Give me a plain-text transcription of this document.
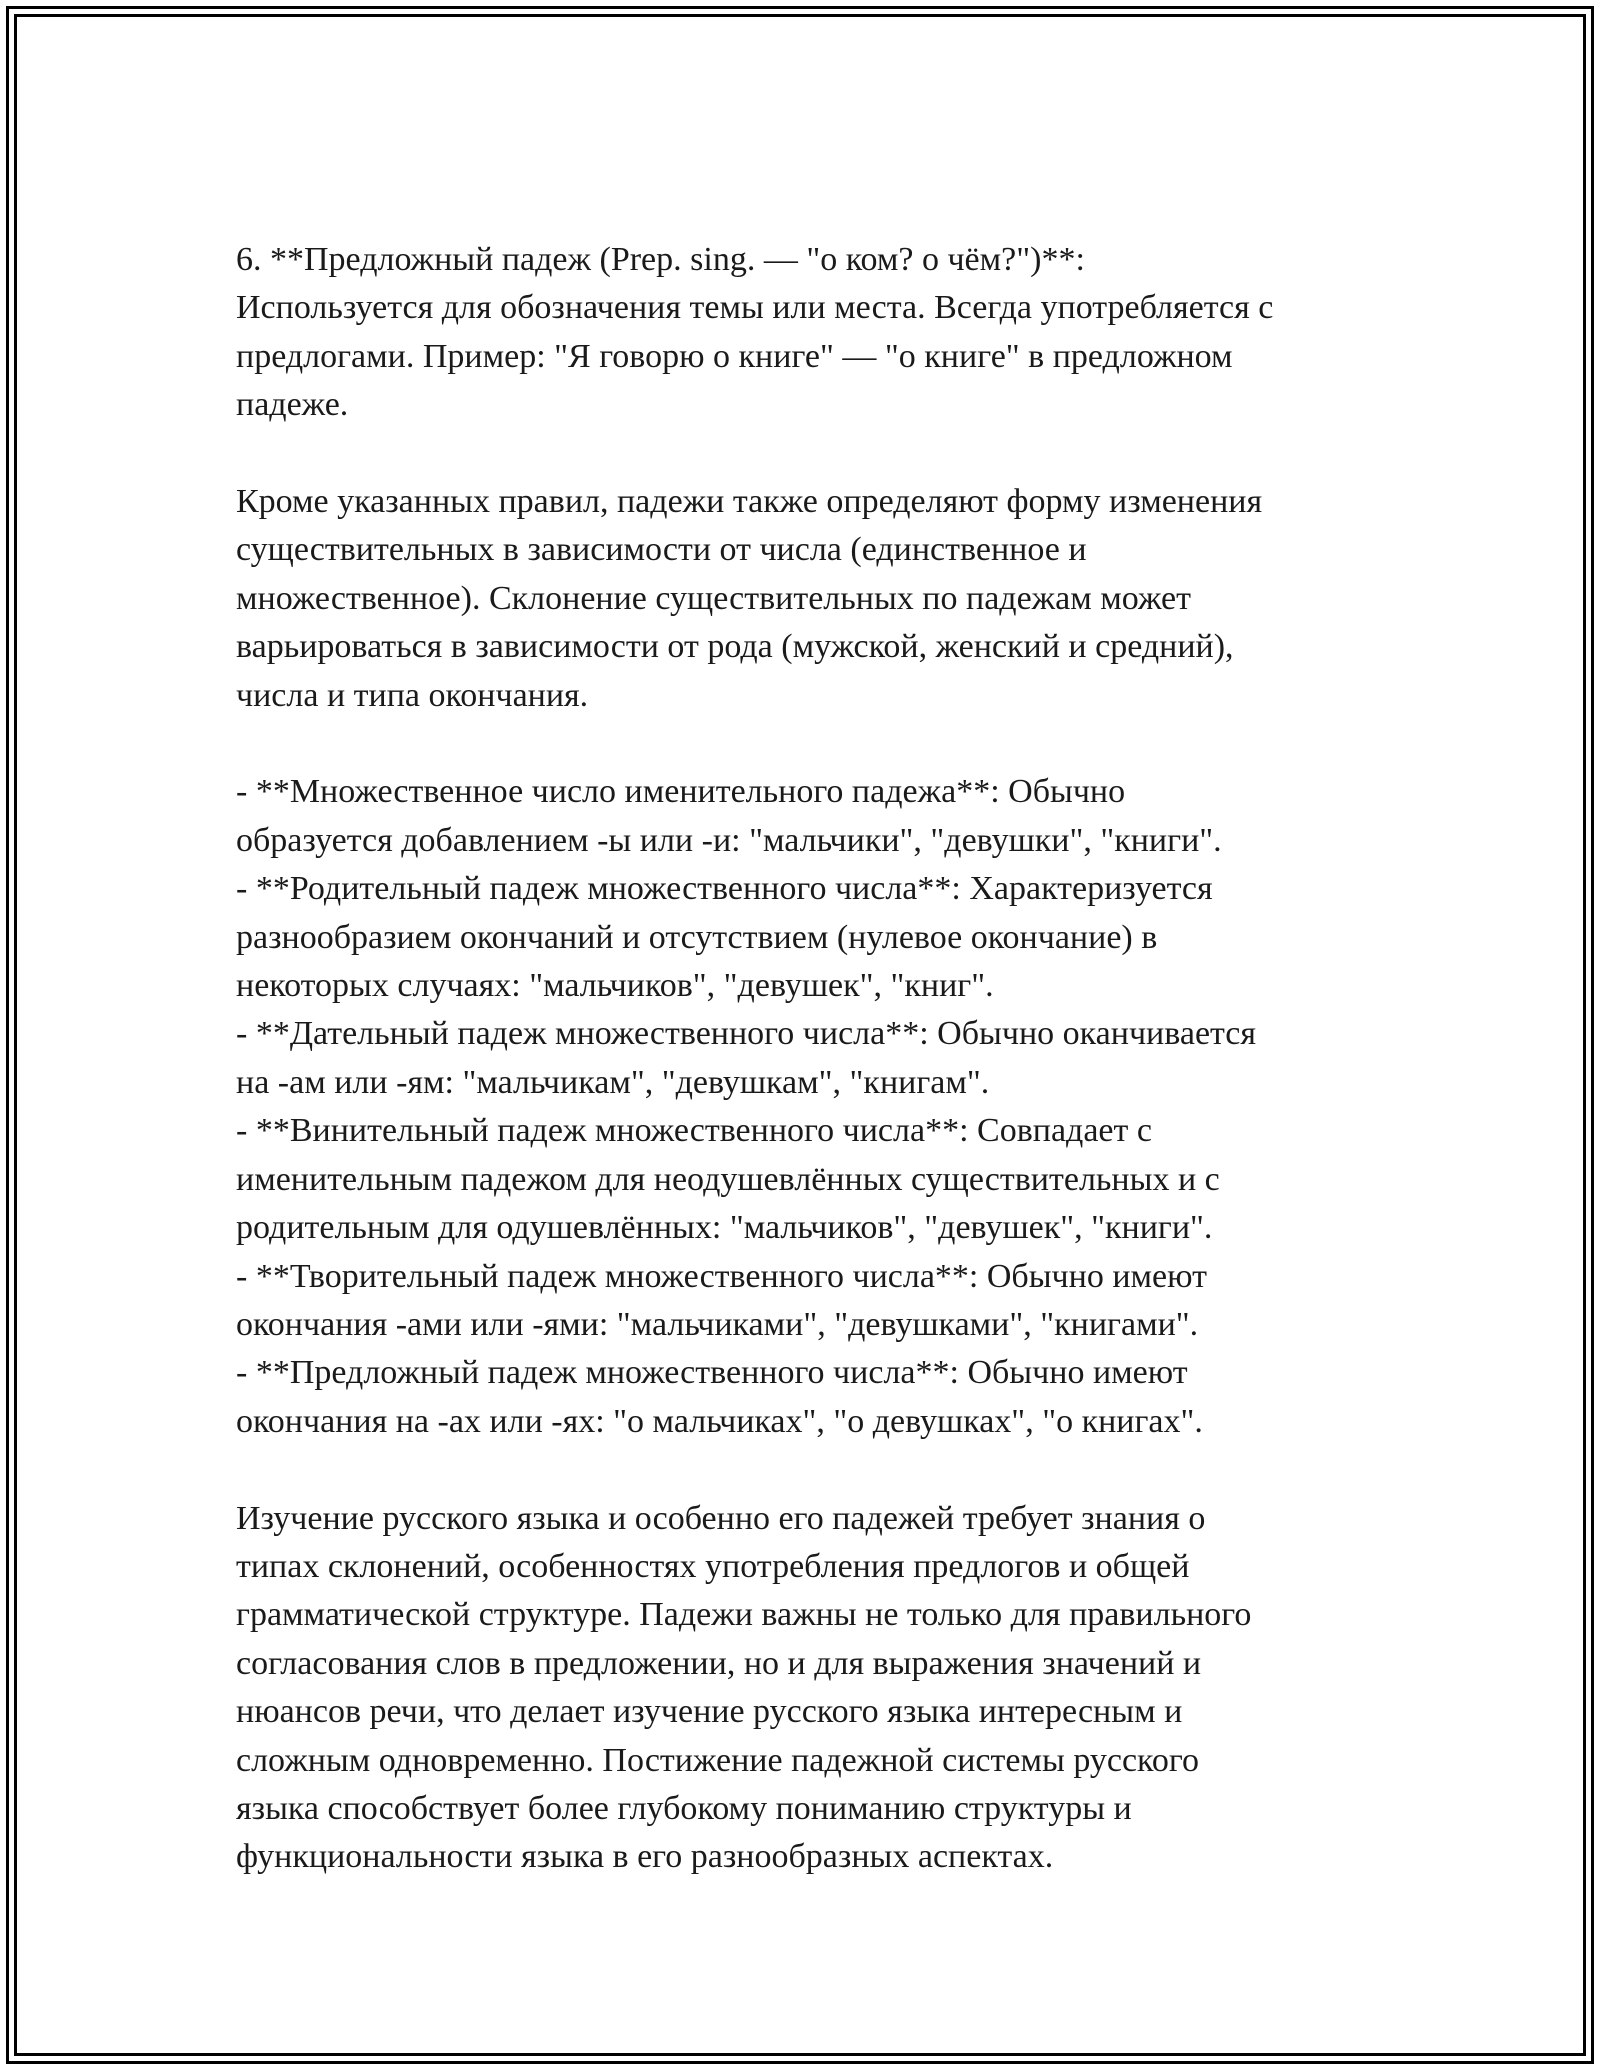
6. **Предложный падеж (Prep. sing. — "о ком? о чём?")**:
Используется для обозначения темы или места. Всегда употребляется с
предлогами. Пример: "Я говорю о книге" — "о книге" в предложном
падеже.

Кроме указанных правил, падежи также определяют форму изменения
существительных в зависимости от числа (единственное и
множественное). Склонение существительных по падежам может
варьироваться в зависимости от рода (мужской, женский и средний),
числа и типа окончания.

- **Множественное число именительного падежа**: Обычно
образуется добавлением -ы или -и: "мальчики", "девушки", "книги".
- **Родительный падеж множественного числа**: Характеризуется
разнообразием окончаний и отсутствием (нулевое окончание) в
некоторых случаях: "мальчиков", "девушек", "книг".
- **Дательный падеж множественного числа**: Обычно оканчивается
на -ам или -ям: "мальчикам", "девушкам", "книгам".
- **Винительный падеж множественного числа**: Совпадает с
именительным падежом для неодушевлённых существительных и с
родительным для одушевлённых: "мальчиков", "девушек", "книги".
- **Творительный падеж множественного числа**: Обычно имеют
окончания -ами или -ями: "мальчиками", "девушками", "книгами".
- **Предложный падеж множественного числа**: Обычно имеют
окончания на -ах или -ях: "о мальчиках", "о девушках", "о книгах".

Изучение русского языка и особенно его падежей требует знания о
типах склонений, особенностях употребления предлогов и общей
грамматической структуре. Падежи важны не только для правильного
согласования слов в предложении, но и для выражения значений и
нюансов речи, что делает изучение русского языка интересным и
сложным одновременно. Постижение падежной системы русского
языка способствует более глубокому пониманию структуры и
функциональности языка в его разнообразных аспектах.
